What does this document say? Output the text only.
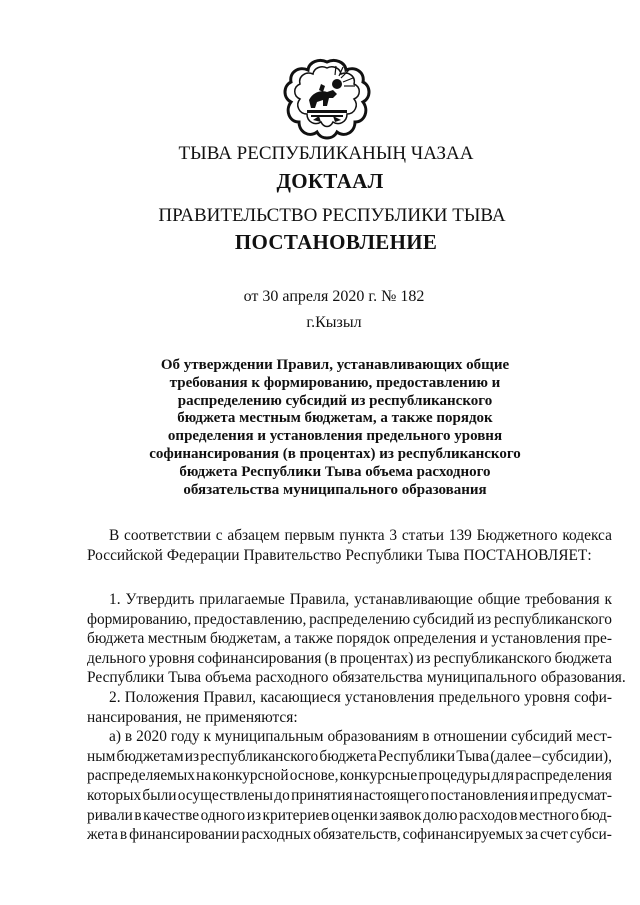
ТЫВА РЕСПУБЛИКАНЫҢ ЧАЗАА
ДОКТААЛ
ПРАВИТЕЛЬСТВО РЕСПУБЛИКИ ТЫВА
ПОСТАНОВЛЕНИЕ
от 30 апреля 2020 г. № 182
г.Кызыл
Об утверждении Правил, устанавливающих общие
требования к формированию, предоставлению и
распределению субсидий из республиканского
бюджета местным бюджетам, а также порядок
определения и установления предельного уровня
софинансирования (в процентах) из республиканского
бюджета Республики Тыва объема расходного
обязательства муниципального образования
В соответствии с абзацем первым пункта 3 статьи 139 Бюджетного кодекса
Российской Федерации Правительство Республики Тыва ПОСТАНОВЛЯЕТ:
1. Утвердить прилагаемые Правила, устанавливающие общие требования к
формированию, предоставлению, распределению субсидий из республиканского
бюджета местным бюджетам, а также порядок определения и установления пре-
дельного уровня софинансирования (в процентах) из республиканского бюджета
Республики Тыва объема расходного обязательства муниципального образования.
2. Положения Правил, касающиеся установления предельного уровня софи-
нансирования, не применяются:
а) в 2020 году к муниципальным образованиям в отношении субсидий мест-
ным бюджетам из республиканского бюджета Республики Тыва (далее – субсидии),
распределяемых на конкурсной основе, конкурсные процедуры для распределения
которых были осуществлены до принятия настоящего постановления и предусмат-
ривали в качестве одного из критериев оценки заявок долю расходов местного бюд-
жета в финансировании расходных обязательств, софинансируемых за счет субси-
